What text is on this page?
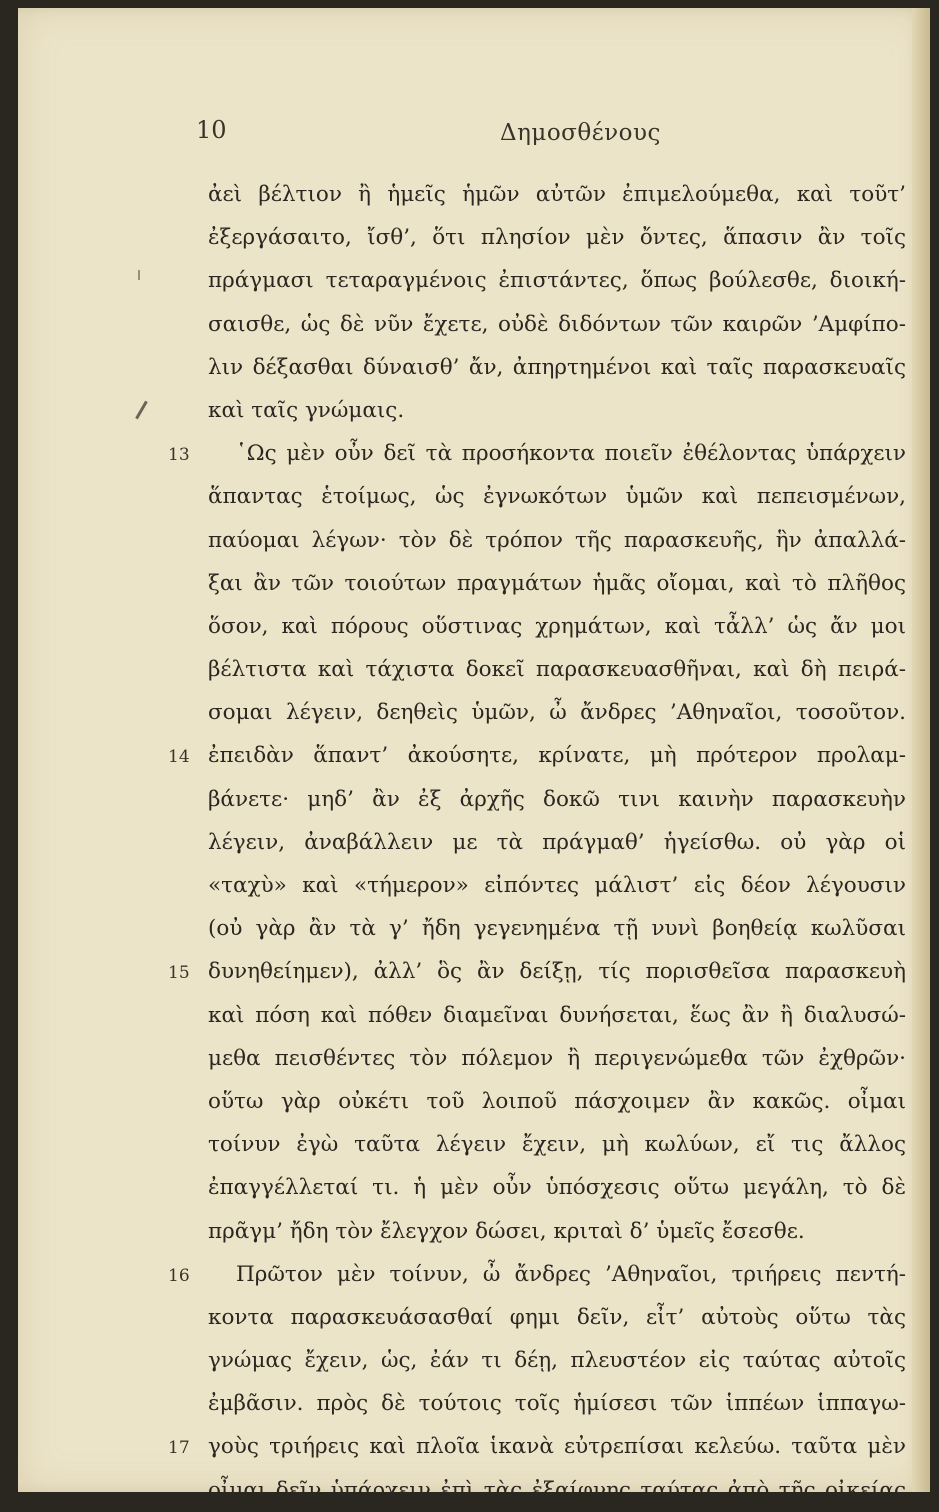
10	Δημοσθένους
ἀεὶ βέλτιον ἢ ἡμεῖς ἡμῶν αὐτῶν ἐπιμελούμεθα, καὶ τοῦτ’
ἐξεργάσαιτο, ἴσθ’, ὅτι πλησίον μὲν ὄντες, ἅπασιν ἂν τοῖς
πράγμασι τεταραγμένοις ἐπιστάντες, ὅπως βούλεσθε, διοική-
σαισθε, ὡς δὲ νῦν ἔχετε, οὐδὲ διδόντων τῶν καιρῶν ’Αμφίπο-
λιν δέξασθαι δύναισθ’ ἄν, ἀπηρτημένοι καὶ ταῖς παρασκευαῖς
καὶ ταῖς γνώμαις.
13	῾Ως μὲν οὖν δεῖ τὰ προσήκοντα ποιεῖν ἐθέλοντας ὑπάρχειν
ἅπαντας ἑτοίμως, ὡς ἐγνωκότων ὑμῶν καὶ πεπεισμένων,
παύομαι λέγων· τὸν δὲ τρόπον τῆς παρασκευῆς, ἣν ἀπαλλά-
ξαι ἂν τῶν τοιούτων πραγμάτων ἡμᾶς οἴομαι, καὶ τὸ πλῆθος
ὅσον, καὶ πόρους οὕστινας χρημάτων, καὶ τἆλλ’ ὡς ἄν μοι
βέλτιστα καὶ τάχιστα δοκεῖ παρασκευασθῆναι, καὶ δὴ πειρά-
σομαι λέγειν, δεηθεὶς ὑμῶν, ὦ ἄνδρες ’Αθηναῖοι, τοσοῦτον.
14 ἐπειδὰν ἅπαντ’ ἀκούσητε, κρίνατε, μὴ πρότερον προλαμ-
βάνετε· μηδ’ ἂν ἐξ ἀρχῆς δοκῶ τινι καινὴν παρασκευὴν
λέγειν, ἀναβάλλειν με τὰ πράγμαθ’ ἡγείσθω. οὐ γὰρ οἱ
«ταχὺ» καὶ «τήμερον» εἰπόντες μάλιστ’ εἰς δέον λέγουσιν
(οὐ γὰρ ἂν τὰ γ’ ἤδη γεγενημένα τῇ νυνὶ βοηθείᾳ κωλῦσαι
15 δυνηθείημεν), ἀλλ’ ὃς ἂν δείξῃ, τίς πορισθεῖσα παρασκευὴ
καὶ πόση καὶ πόθεν διαμεῖναι δυνήσεται, ἕως ἂν ἢ διαλυσώ-
μεθα πεισθέντες τὸν πόλεμον ἢ περιγενώμεθα τῶν ἐχθρῶν·
οὕτω γὰρ οὐκέτι τοῦ λοιποῦ πάσχοιμεν ἂν κακῶς. οἶμαι
τοίνυν ἐγὼ ταῦτα λέγειν ἔχειν, μὴ κωλύων, εἴ τις ἄλλος
ἐπαγγέλλεταί τι. ἡ μὲν οὖν ὑπόσχεσις οὕτω μεγάλη, τὸ δὲ
πρᾶγμ’ ἤδη τὸν ἔλεγχον δώσει, κριταὶ δ’ ὑμεῖς ἔσεσθε.
16	Πρῶτον μὲν τοίνυν, ὦ ἄνδρες ’Αθηναῖοι, τριήρεις πεντή-
κοντα παρασκευάσασθαί φημι δεῖν, εἶτ’ αὐτοὺς οὕτω τὰς
γνώμας ἔχειν, ὡς, ἐάν τι δέῃ, πλευστέον εἰς ταύτας αὐτοῖς
ἐμβᾶσιν. πρὸς δὲ τούτοις τοῖς ἡμίσεσι τῶν ἱππέων ἱππαγω-
17 γοὺς τριήρεις καὶ πλοῖα ἱκανὰ εὐτρεπίσαι κελεύω. ταῦτα μὲν
οἶμαι δεῖν ὑπάρχειν ἐπὶ τὰς ἐξαίφνης ταύτας ἀπὸ τῆς οἰκείας
